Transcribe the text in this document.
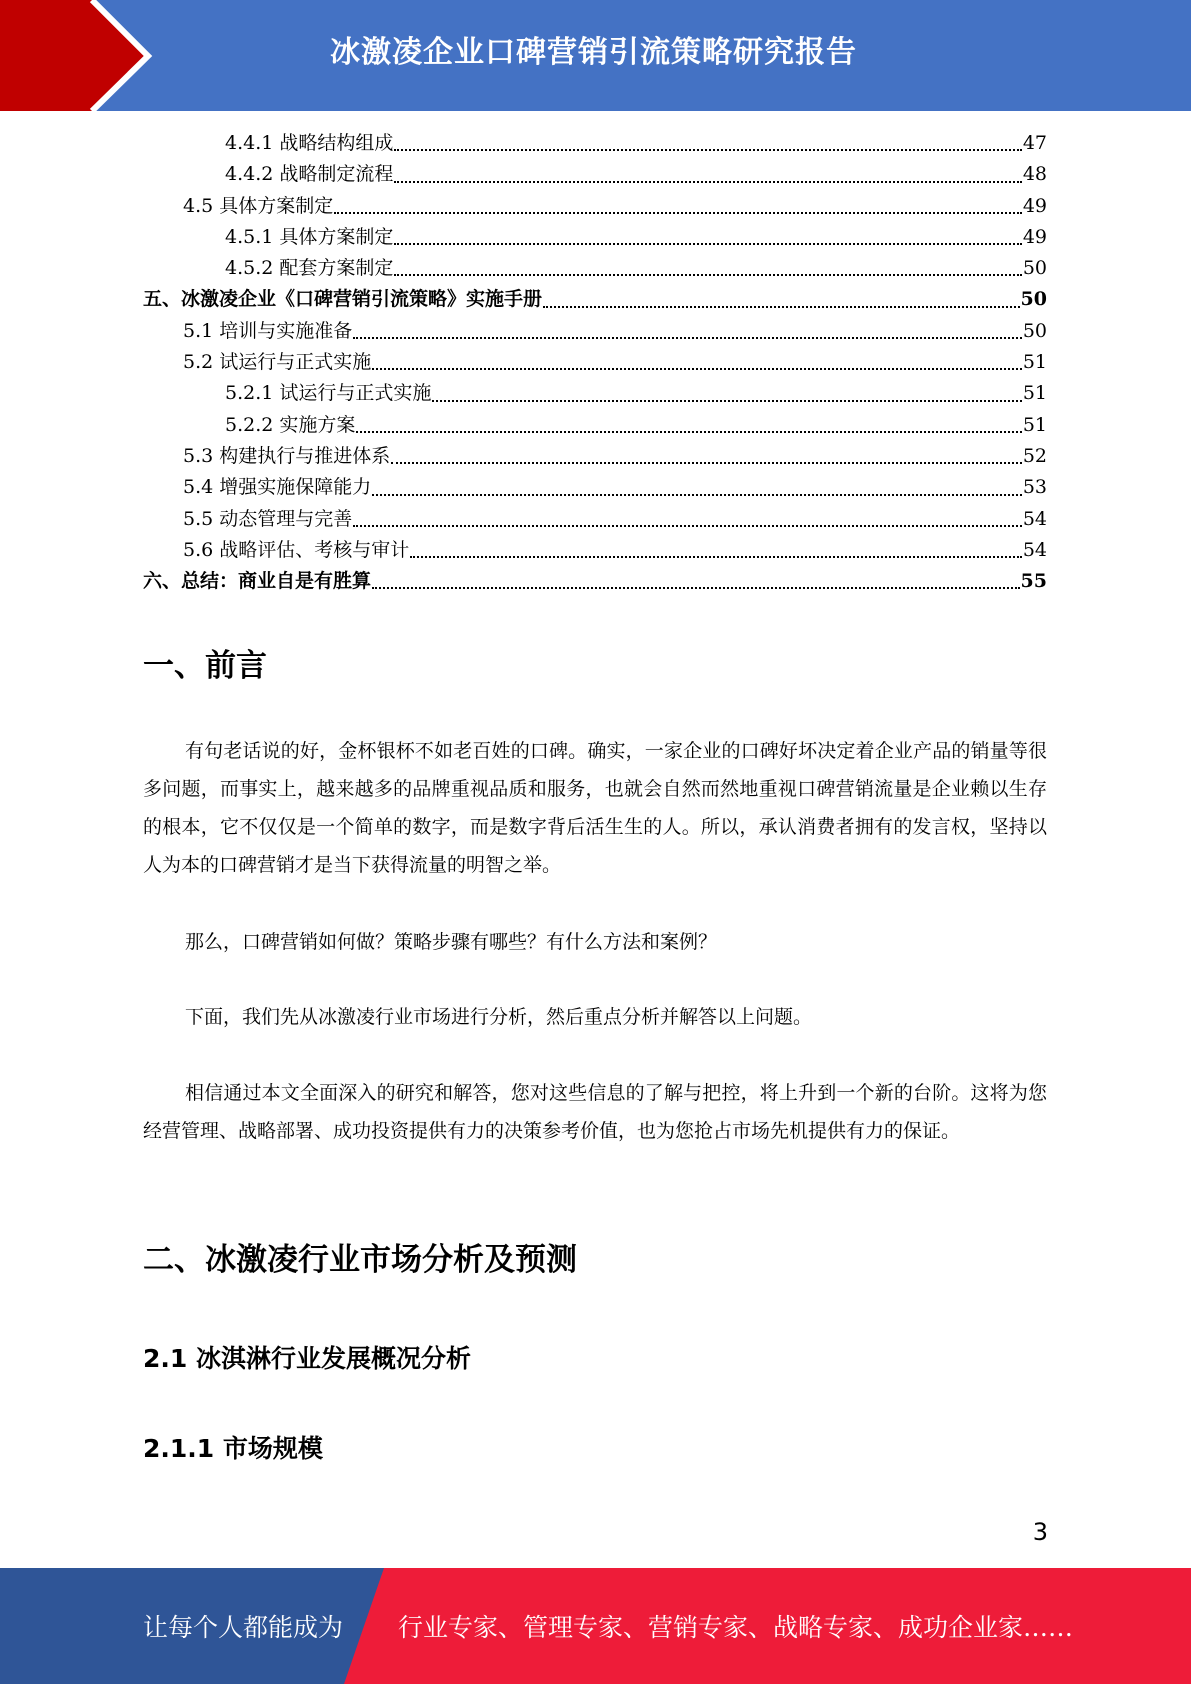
冰激凌企业口碑营销引流策略研究报告
4.4.1 战略结构组成	47
4.4.2 战略制定流程	48
4.5 具体方案制定	49
4.5.1 具体方案制定	49
4.5.2 配套方案制定	50
五、冰激凌企业《口碑营销引流策略》实施手册	50
5.1 培训与实施准备	50
5.2 试运行与正式实施	51
5.2.1 试运行与正式实施	51
5.2.2 实施方案	51
5.3 构建执行与推进体系	52
5.4 增强实施保障能力	53
5.5 动态管理与完善	54
5.6 战略评估、考核与审计	54
六、总结：商业自是有胜算	55
一、前言
有句老话说的好，金杯银杯不如老百姓的口碑。确实，一家企业的口碑好坏决定着企业产品的销量等很多问题，而事实上，越来越多的品牌重视品质和服务，也就会自然而然地重视口碑营销流量是企业赖以生存的根本，它不仅仅是一个简单的数字，而是数字背后活生生的人。所以，承认消费者拥有的发言权，坚持以人为本的口碑营销才是当下获得流量的明智之举。
那么，口碑营销如何做？策略步骤有哪些？有什么方法和案例？
下面，我们先从冰激凌行业市场进行分析，然后重点分析并解答以上问题。
相信通过本文全面深入的研究和解答，您对这些信息的了解与把控，将上升到一个新的台阶。这将为您经营管理、战略部署、成功投资提供有力的决策参考价值，也为您抢占市场先机提供有力的保证。
二、冰激凌行业市场分析及预测
2.1 冰淇淋行业发展概况分析
2.1.1 市场规模
3
让每个人都能成为 行业专家、管理专家、营销专家、战略专家、成功企业家……
